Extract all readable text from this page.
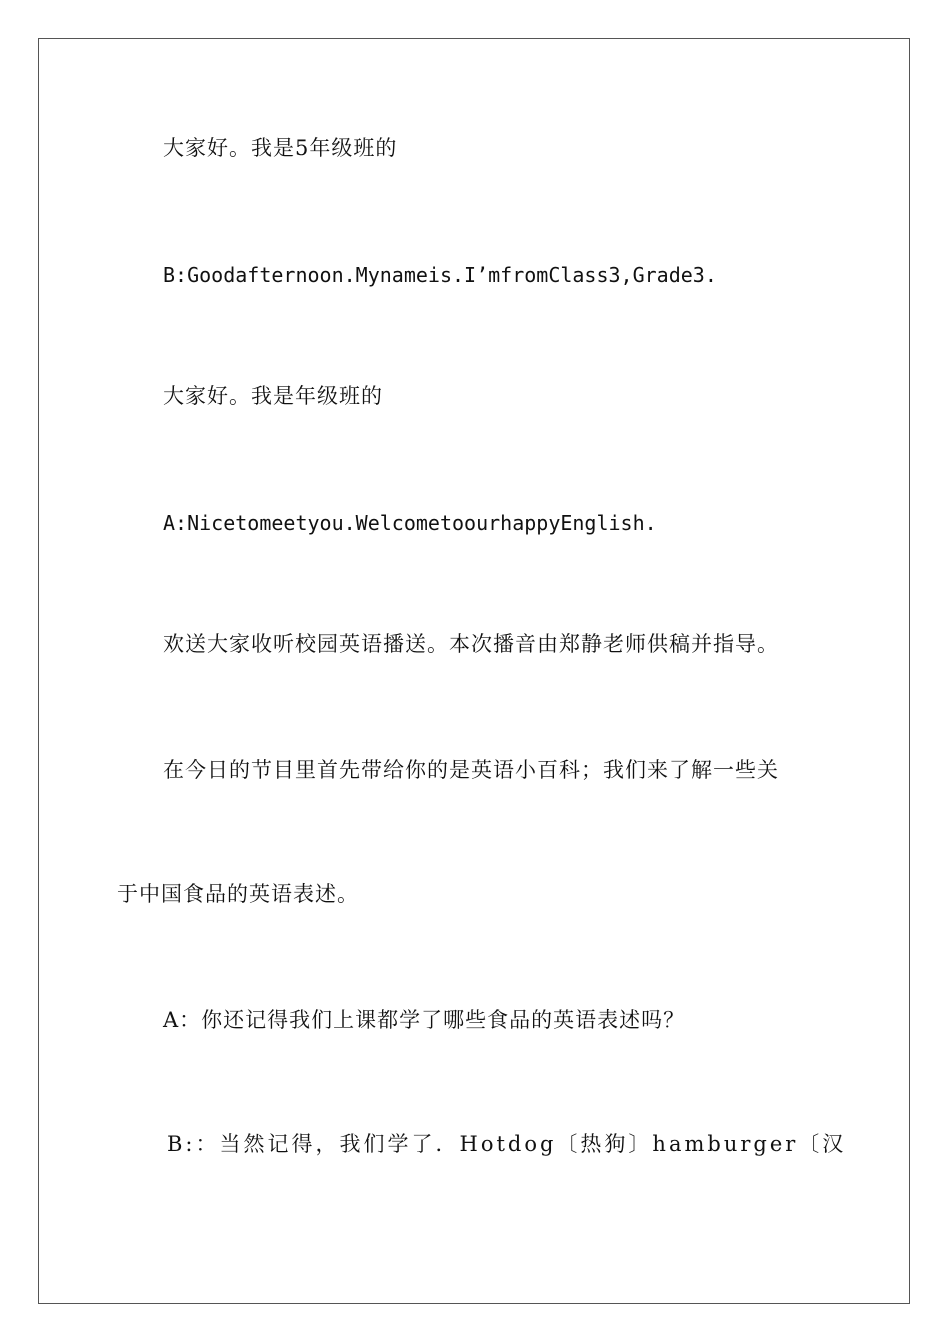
大家好。我是5年级班的
B:Goodafternoon.Mynameis.I’mfromClass3,Grade3.
大家好。我是年级班的
A:Nicetomeetyou.WelcometoourhappyEnglish.
欢送大家收听校园英语播送。本次播音由郑静老师供稿并指导。
在今日的节目里首先带给你的是英语小百科；我们来了解一些关
于中国食品的英语表述。
A：你还记得我们上课都学了哪些食品的英语表述吗？
B:：当然记得，我们学了．Hotdog〔热狗〕hamburger〔汉
